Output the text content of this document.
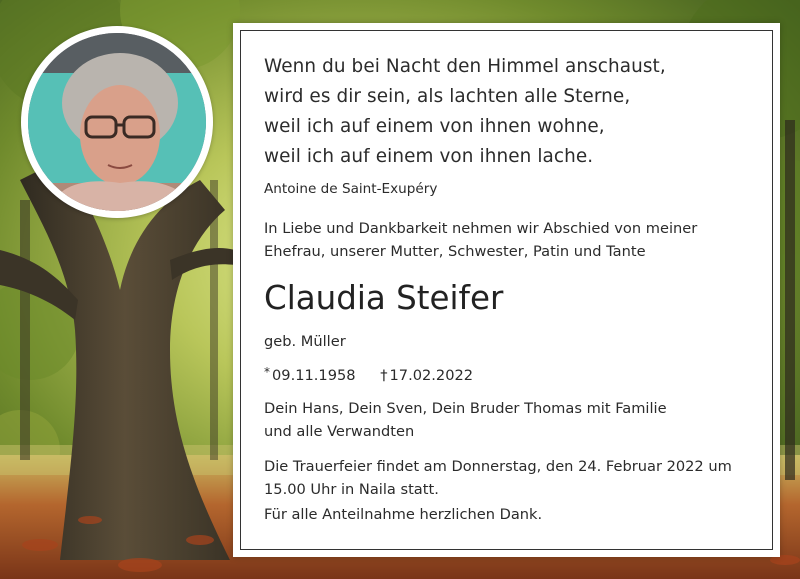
Wenn du bei Nacht den Himmel anschaust,
wird es dir sein, als lachten alle Sterne,
weil ich auf einem von ihnen wohne,
weil ich auf einem von ihnen lache.
Antoine de Saint-Exupéry
In Liebe und Dankbarkeit nehmen wir Abschied von meiner
Ehefrau, unserer Mutter, Schwester, Patin und Tante
Claudia Steifer
geb. Müller
* 09.11.1958 † 17.02.2022
Dein Hans, Dein Sven, Dein Bruder Thomas mit Familie
und alle Verwandten
Die Trauerfeier findet am Donnerstag, den 24. Februar 2022 um
15.00 Uhr in Naila statt.
Für alle Anteilnahme herzlichen Dank.
